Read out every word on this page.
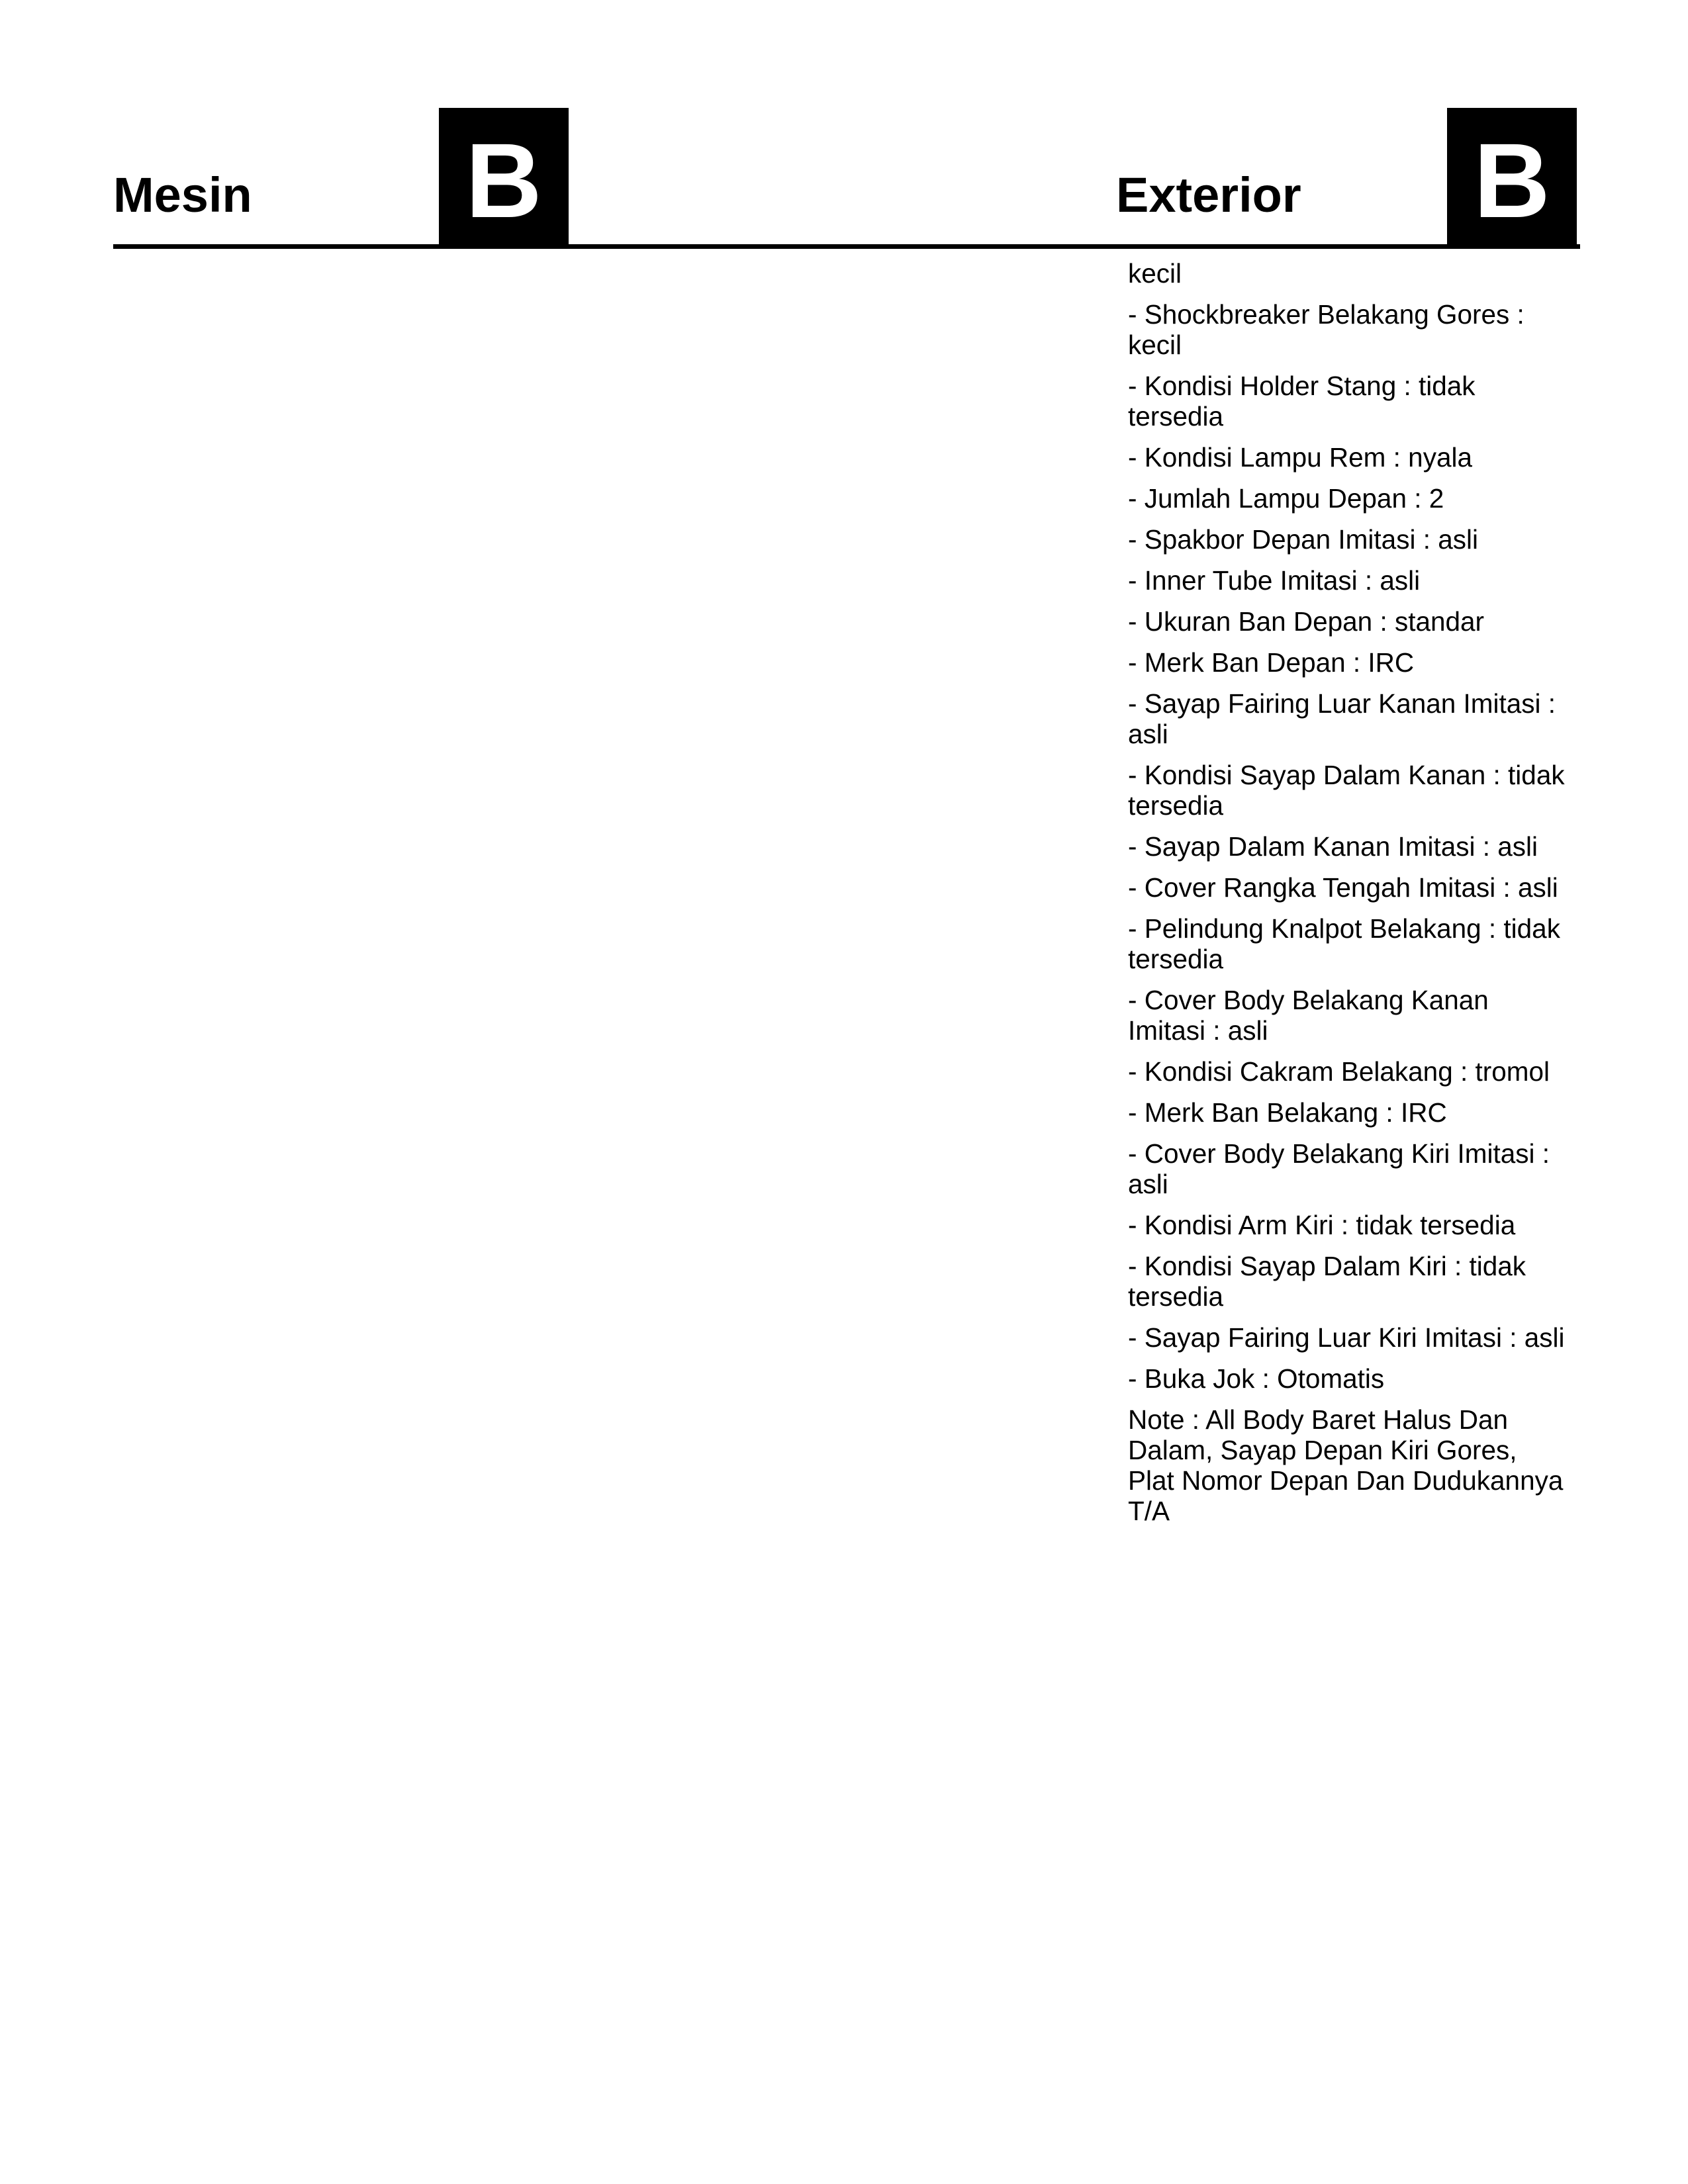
Mesin B	Exterior B

kecil

- Shockbreaker Belakang Gores : kecil

- Kondisi Holder Stang : tidak tersedia

- Kondisi Lampu Rem : nyala

- Jumlah Lampu Depan : 2

- Spakbor Depan Imitasi : asli

- Inner Tube Imitasi : asli

- Ukuran Ban Depan : standar

- Merk Ban Depan : IRC

- Sayap Fairing Luar Kanan Imitasi : asli

- Kondisi Sayap Dalam Kanan : tidak tersedia

- Sayap Dalam Kanan Imitasi : asli

- Cover Rangka Tengah Imitasi : asli

- Pelindung Knalpot Belakang : tidak tersedia

- Cover Body Belakang Kanan Imitasi : asli

- Kondisi Cakram Belakang : tromol

- Merk Ban Belakang : IRC

- Cover Body Belakang Kiri Imitasi : asli

- Kondisi Arm Kiri : tidak tersedia

- Kondisi Sayap Dalam Kiri : tidak tersedia

- Sayap Fairing Luar Kiri Imitasi : asli

- Buka Jok : Otomatis

Note : All Body Baret Halus Dan Dalam, Sayap Depan Kiri Gores, Plat Nomor Depan Dan Dudukannya T/A
